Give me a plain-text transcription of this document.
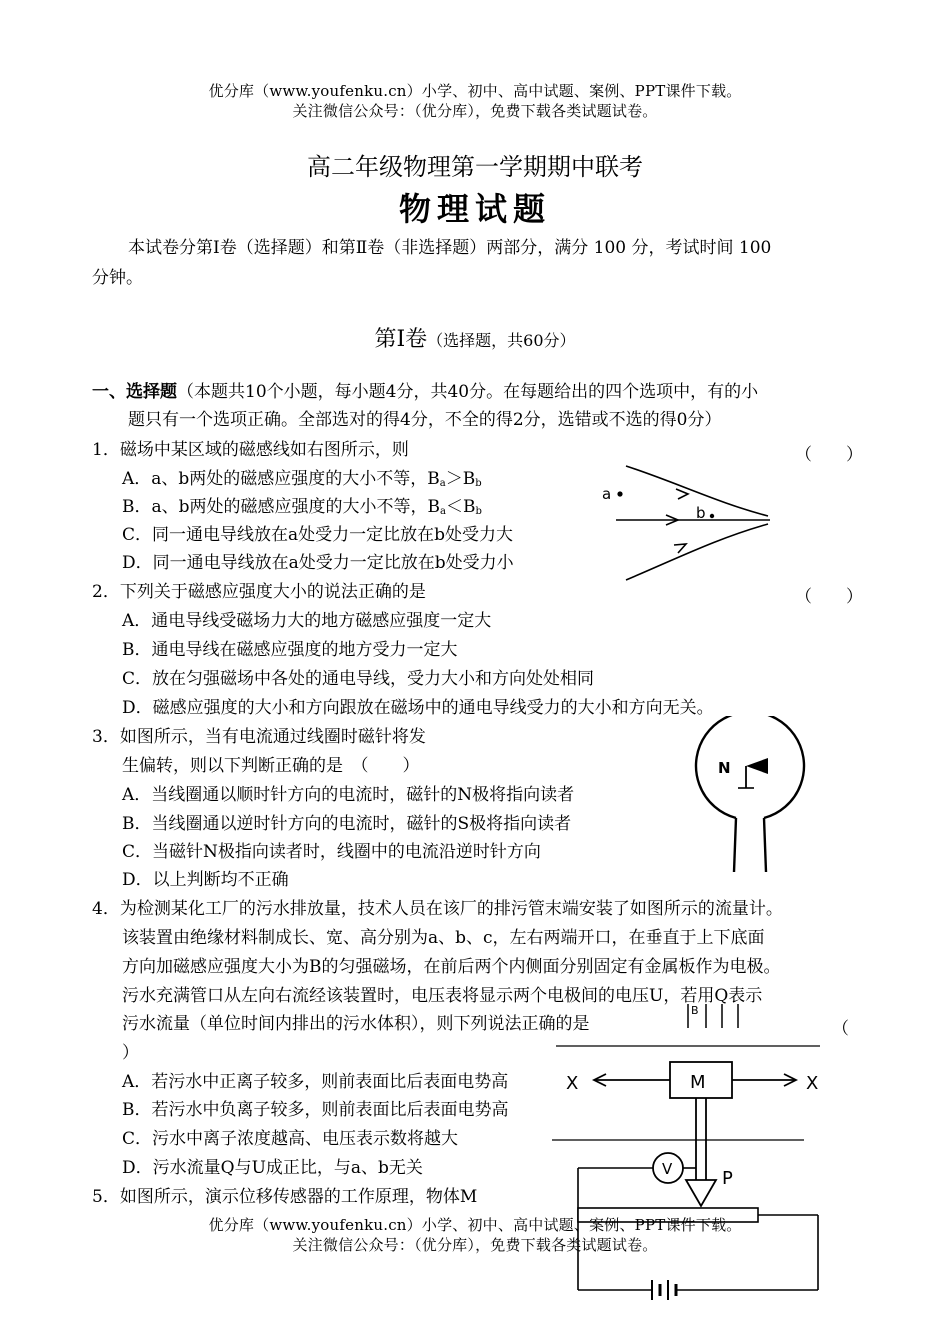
优分库（www.youfenku.cn）小学、初中、高中试题、案例、PPT课件下载。
关注微信公众号：（优分库），免费下载各类试题试卷。
高二年级物理第一学期期中联考
物理试题
本试卷分第Ⅰ卷（选择题）和第Ⅱ卷（非选择题）两部分，满分 100 分，考试时间 100
分钟。
第Ⅰ卷（选择题，共60分）
一、选择题（本题共10个小题，每小题4分，共40分。在每题给出的四个选项中，有的小
题只有一个选项正确。全部选对的得4分，不全的得2分，选错或不选的得0分）
1．磁场中某区域的磁感线如右图所示，则	（　　）
A．a、b两处的磁感应强度的大小不等，$B_a>B_b$
B．a、b两处的磁感应强度的大小不等，$B_a<B_b$
C．同一通电导线放在a处受力一定比放在b处受力大
D．同一通电导线放在a处受力一定比放在b处受力小
a
b
2．下列关于磁感应强度大小的说法正确的是	（　　）
A．通电导线受磁场力大的地方磁感应强度一定大
B．通电导线在磁感应强度的地方受力一定大
C．放在匀强磁场中各处的通电导线，受力大小和方向处处相同
D．磁感应强度的大小和方向跟放在磁场中的通电导线受力的大小和方向无关。
3．如图所示，当有电流通过线圈时磁针将发
生偏转，则以下判断正确的是　（　　）
A．当线圈通以顺时针方向的电流时，磁针的N极将指向读者
B．当线圈通以逆时针方向的电流时，磁针的S极将指向读者
C．当磁针N极指向读者时，线圈中的电流沿逆时针方向
D．以上判断均不正确
N
4．为检测某化工厂的污水排放量，技术人员在该厂的排污管末端安装了如图所示的流量计。
该装置由绝缘材料制成长、宽、高分别为a、b、c，左右两端开口，在垂直于上下底面
方向加磁感应强度大小为B的匀强磁场，在前后两个内侧面分别固定有金属板作为电极。
污水充满管口从左向右流经该装置时，电压表将显示两个电极间的电压U，若用Q表示
污水流量（单位时间内排出的污水体积），则下列说法正确的是	（
）
A．若污水中正离子较多，则前表面比后表面电势高
B．若污水中负离子较多，则前表面比后表面电势高
C．污水中离子浓度越高、电压表示数将越大
D．污水流量Q与U成正比，与a、b无关
5．如图所示，演示位移传感器的工作原理，物体M
B
X	M	X
P
V
优分库（www.youfenku.cn）小学、初中、高中试题、案例、PPT课件下载。
关注微信公众号：（优分库），免费下载各类试题试卷。
